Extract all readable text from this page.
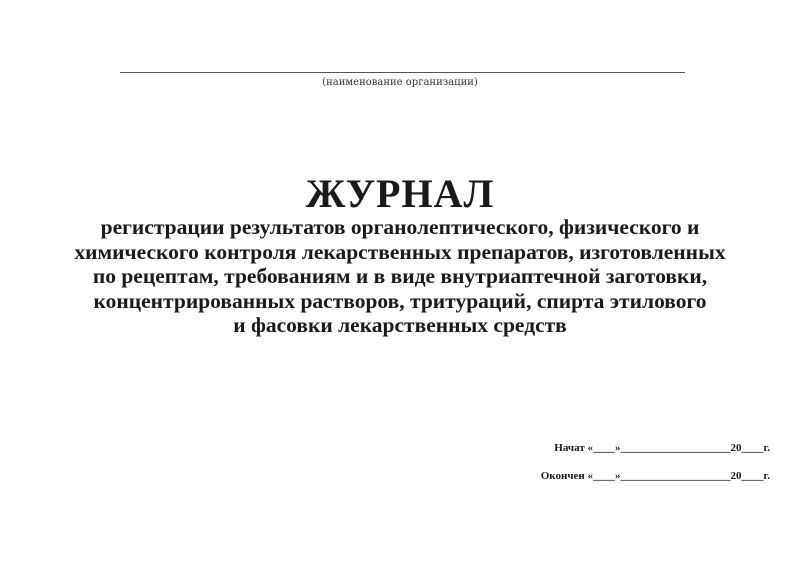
(наименование организации)
ЖУРНАЛ
регистрации результатов органолептического, физического и
химического контроля лекарственных препаратов, изготовленных
по рецептам, требованиям и в виде внутриаптечной заготовки,
концентрированных растворов, тритураций, спирта этилового
и фасовки лекарственных средств
Начат «____»____________________20____г.
Окончен «____»____________________20____г.
